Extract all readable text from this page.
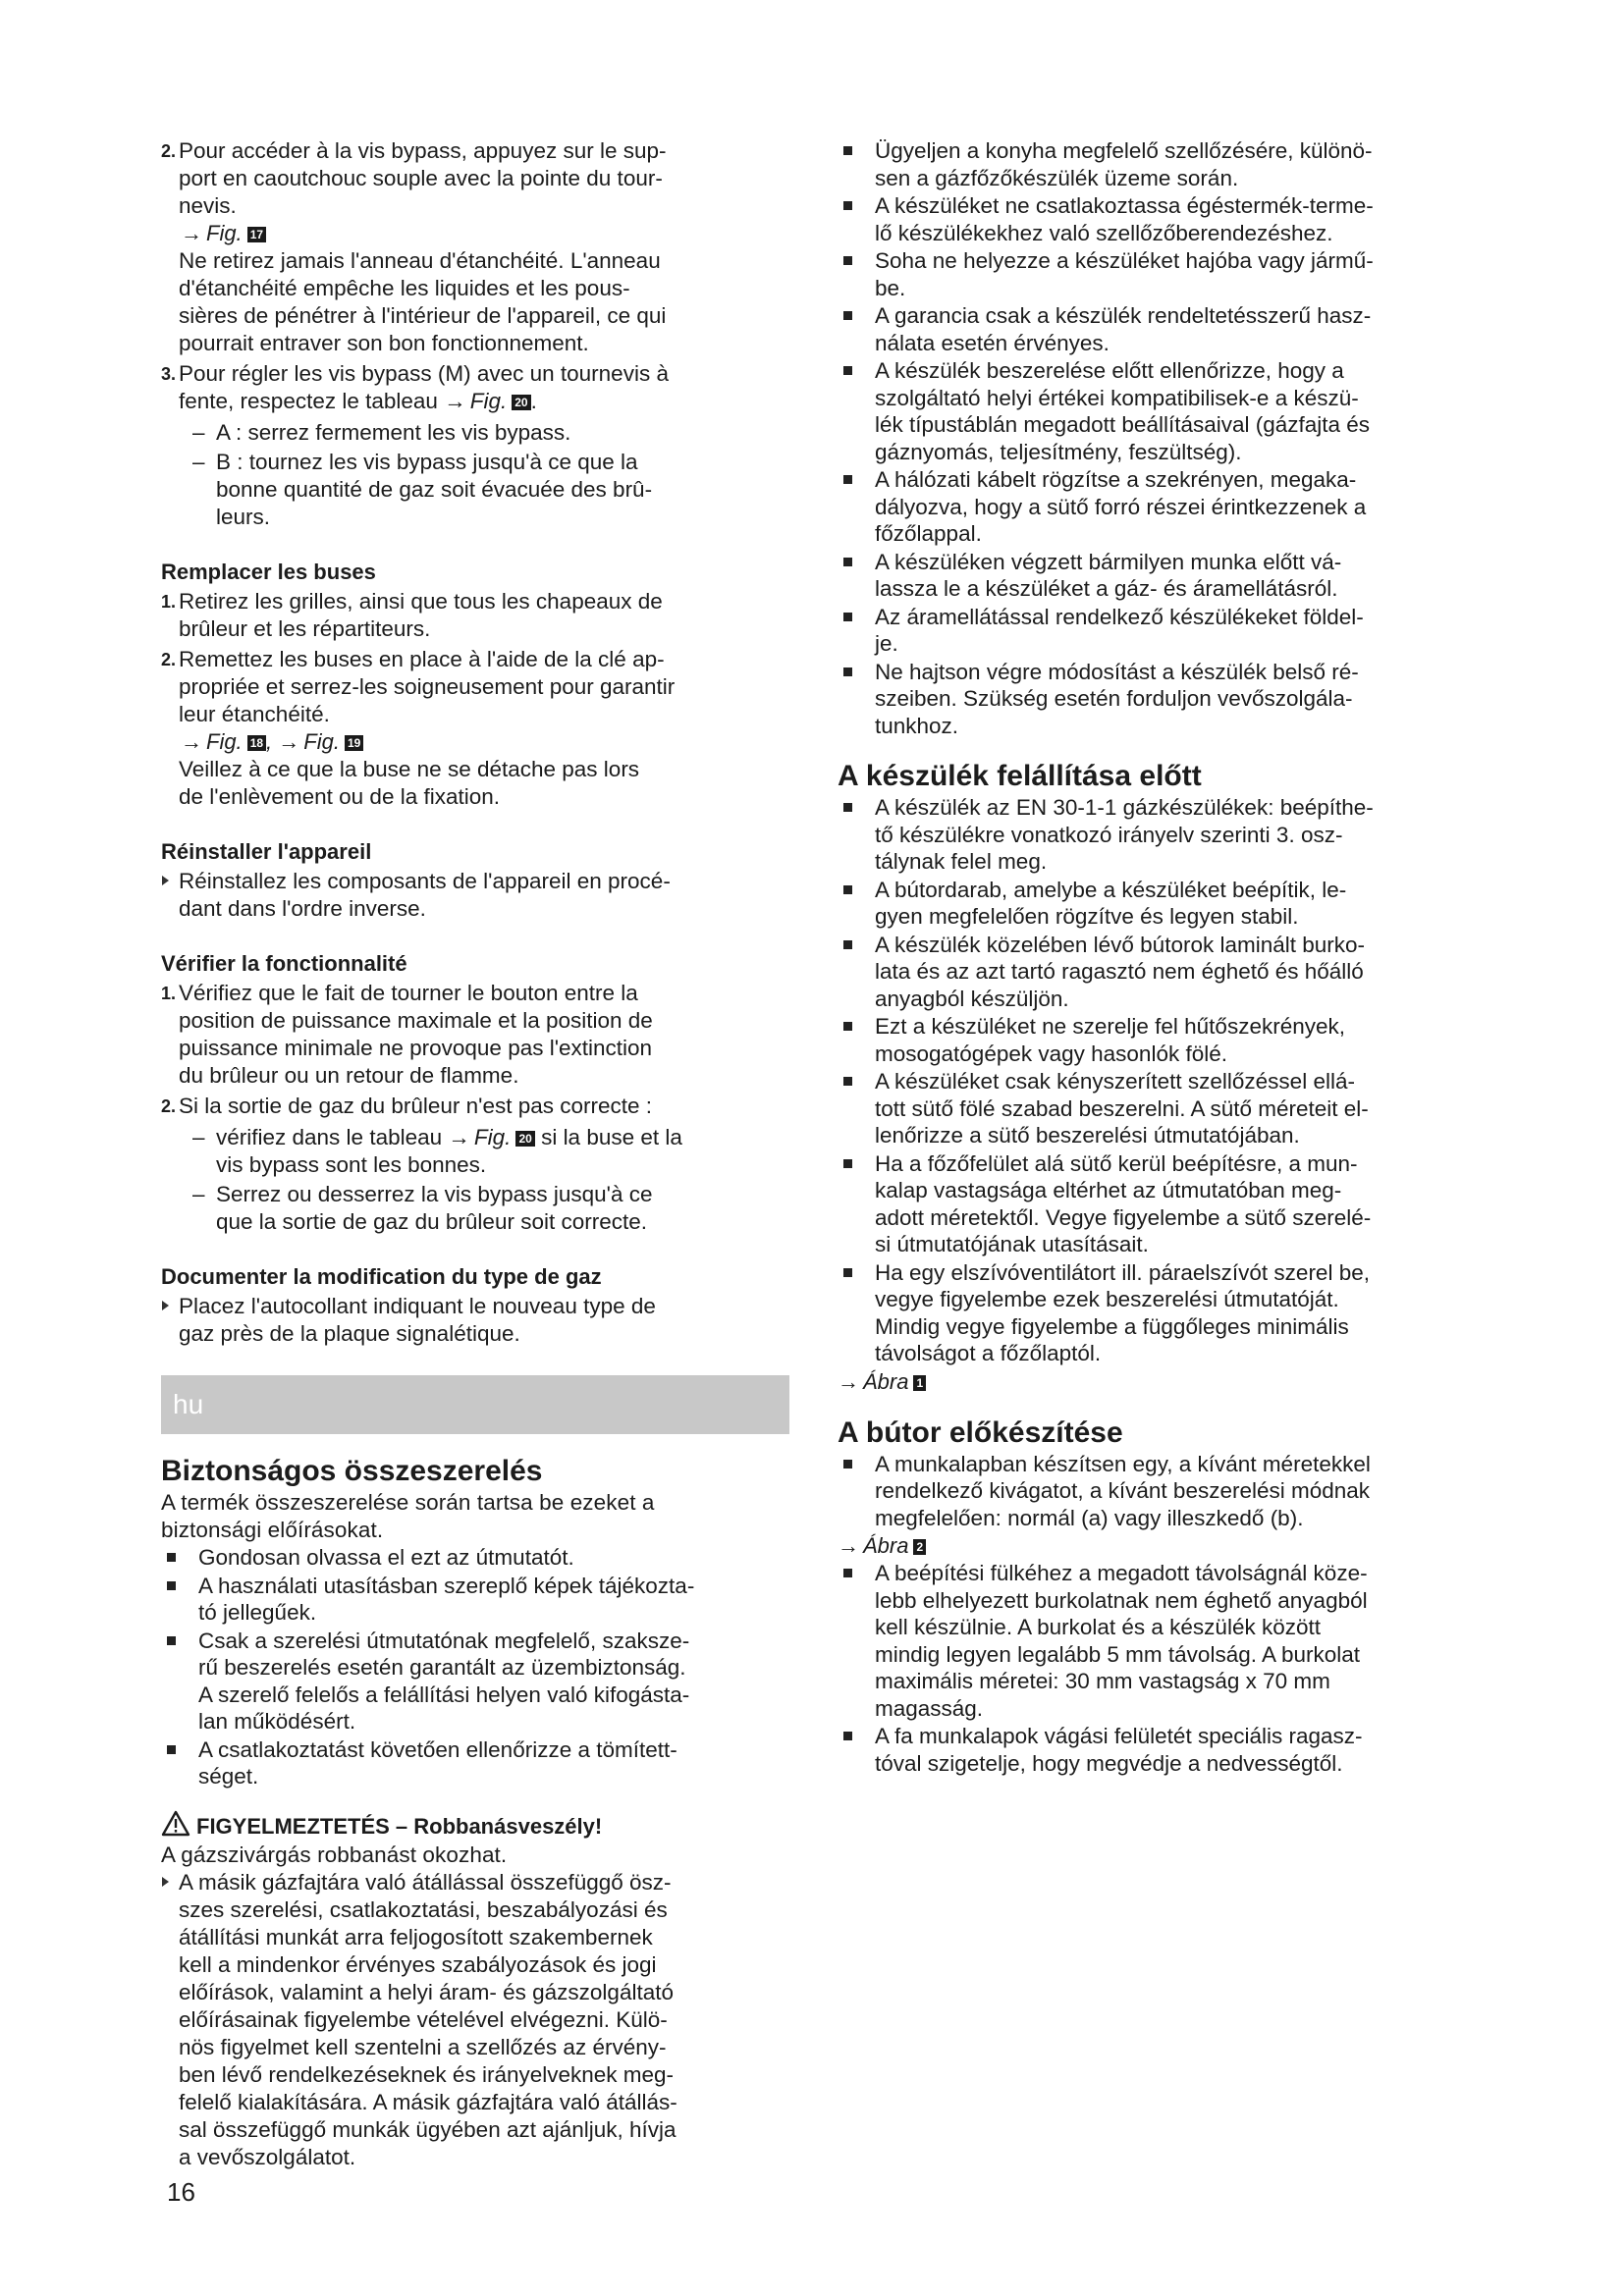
2. Pour accéder à la vis bypass, appuyez sur le sup-
port en caoutchouc souple avec la pointe du tour-
nevis.
→ Fig. 17
Ne retirez jamais l'anneau d'étanchéité. L'anneau
d'étanchéité empêche les liquides et les pous-
sières de pénétrer à l'intérieur de l'appareil, ce qui
pourrait entraver son bon fonctionnement.
3. Pour régler les vis bypass (M) avec un tournevis à
fente, respectez le tableau → Fig. 20 .
– A : serrez fermement les vis bypass.
– B : tournez les vis bypass jusqu'à ce que la
bonne quantité de gaz soit évacuée des brû-
leurs.
Remplacer les buses
1. Retirez les grilles, ainsi que tous les chapeaux de
brûleur et les répartiteurs.
2. Remettez les buses en place à l'aide de la clé ap-
propriée et serrez-les soigneusement pour garantir
leur étanchéité.
→ Fig. 18 , → Fig. 19
Veillez à ce que la buse ne se détache pas lors
de l'enlèvement ou de la fixation.
Réinstaller l'appareil
Réinstallez les composants de l'appareil en procé-
dant dans l'ordre inverse.
Vérifier la fonctionnalité
1. Vérifiez que le fait de tourner le bouton entre la
position de puissance maximale et la position de
puissance minimale ne provoque pas l'extinction
du brûleur ou un retour de flamme.
2. Si la sortie de gaz du brûleur n'est pas correcte :
– vérifiez dans le tableau → Fig. 20 si la buse et la
vis bypass sont les bonnes.
– Serrez ou desserrez la vis bypass jusqu'à ce
que la sortie de gaz du brûleur soit correcte.
Documenter la modification du type de gaz
Placez l'autocollant indiquant le nouveau type de
gaz près de la plaque signalétique.
hu
Biztonságos összeszerelés
A termék összeszerelése során tartsa be ezeket a
biztonsági előírásokat.
Gondosan olvassa el ezt az útmutatót.
A használati utasításban szereplő képek tájékozta-
tó jellegűek.
Csak a szerelési útmutatónak megfelelő, szaksze-
rű beszerelés esetén garantált az üzembiztonság.
A szerelő felelős a felállítási helyen való kifogásta-
lan működésért.
A csatlakoztatást követően ellenőrizze a tömített-
séget.
FIGYELMEZTETÉS – Robbanásveszély!
A gázszivárgás robbanást okozhat.
A másik gázfajtára való átállással összefüggő ösz-
szes szerelési, csatlakoztatási, beszabályozási és
átállítási munkát arra feljogosított szakembernek
kell a mindenkor érvényes szabályozások és jogi
előírások, valamint a helyi áram- és gázszolgáltató
előírásainak figyelembe vételével elvégezni. Külö-
nös figyelmet kell szentelni a szellőzés az érvény-
ben lévő rendelkezéseknek és irányelveknek meg-
felelő kialakítására. A másik gázfajtára való átállás-
sal összefüggő munkák ügyében azt ajánljuk, hívja
a vevőszolgálatot.
16
Ügyeljen a konyha megfelelő szellőzésére, különö-
sen a gázfőzőkészülék üzeme során.
A készüléket ne csatlakoztassa égéstermék-terme-
lő készülékekhez való szellőzőberendezéshez.
Soha ne helyezze a készüléket hajóba vagy jármű-
be.
A garancia csak a készülék rendeltetésszerű hasz-
nálata esetén érvényes.
A készülék beszerelése előtt ellenőrizze, hogy a
szolgáltató helyi értékei kompatibilisek-e a készü-
lék típustáblán megadott beállításaival (gázfajta és
gáznyomás, teljesítmény, feszültség).
A hálózati kábelt rögzítse a szekrényen, megaka-
dályozva, hogy a sütő forró részei érintkezzenek a
főzőlappal.
A készüléken végzett bármilyen munka előtt vá-
lassza le a készüléket a gáz- és áramellátásról.
Az áramellátással rendelkező készülékeket földel-
je.
Ne hajtson végre módosítást a készülék belső ré-
szeiben. Szükség esetén forduljon vevőszolgála-
tunkhoz.
A készülék felállítása előtt
A készülék az EN 30-1-1 gázkészülékek: beépíthe-
tő készülékre vonatkozó irányelv szerinti 3. osz-
tálynak felel meg.
A bútordarab, amelybe a készüléket beépítik, le-
gyen megfelelően rögzítve és legyen stabil.
A készülék közelében lévő bútorok laminált burko-
lata és az azt tartó ragasztó nem éghető és hőálló
anyagból készüljön.
Ezt a készüléket ne szerelje fel hűtőszekrények,
mosogatógépek vagy hasonlók fölé.
A készüléket csak kényszerített szellőzéssel ellá-
tott sütő fölé szabad beszerelni. A sütő méreteit el-
lenőrizze a sütő beszerelési útmutatójában.
Ha a főzőfelület alá sütő kerül beépítésre, a mun-
kalap vastagsága eltérhet az útmutatóban meg-
adott méretektől. Vegye figyelembe a sütő szerelé-
si útmutatójának utasításait.
Ha egy elszívóventilátort ill. páraelszívót szerel be,
vegye figyelembe ezek beszerelési útmutatóját.
Mindig vegye figyelembe a függőleges minimális
távolságot a főzőlaptól.
→ Ábra 1
A bútor előkészítése
A munkalapban készítsen egy, a kívánt méretekkel
rendelkező kivágatot, a kívánt beszerelési módnak
megfelelően: normál (a) vagy illeszkedő (b).
→ Ábra 2
A beépítési fülkéhez a megadott távolságnál köze-
lebb elhelyezett burkolatnak nem éghető anyagból
kell készülnie. A burkolat és a készülék között
mindig legyen legalább 5 mm távolság. A burkolat
maximális méretei: 30 mm vastagság x 70 mm
magasság.
A fa munkalapok vágási felületét speciális ragasz-
tóval szigetelje, hogy megvédje a nedvességtől.
